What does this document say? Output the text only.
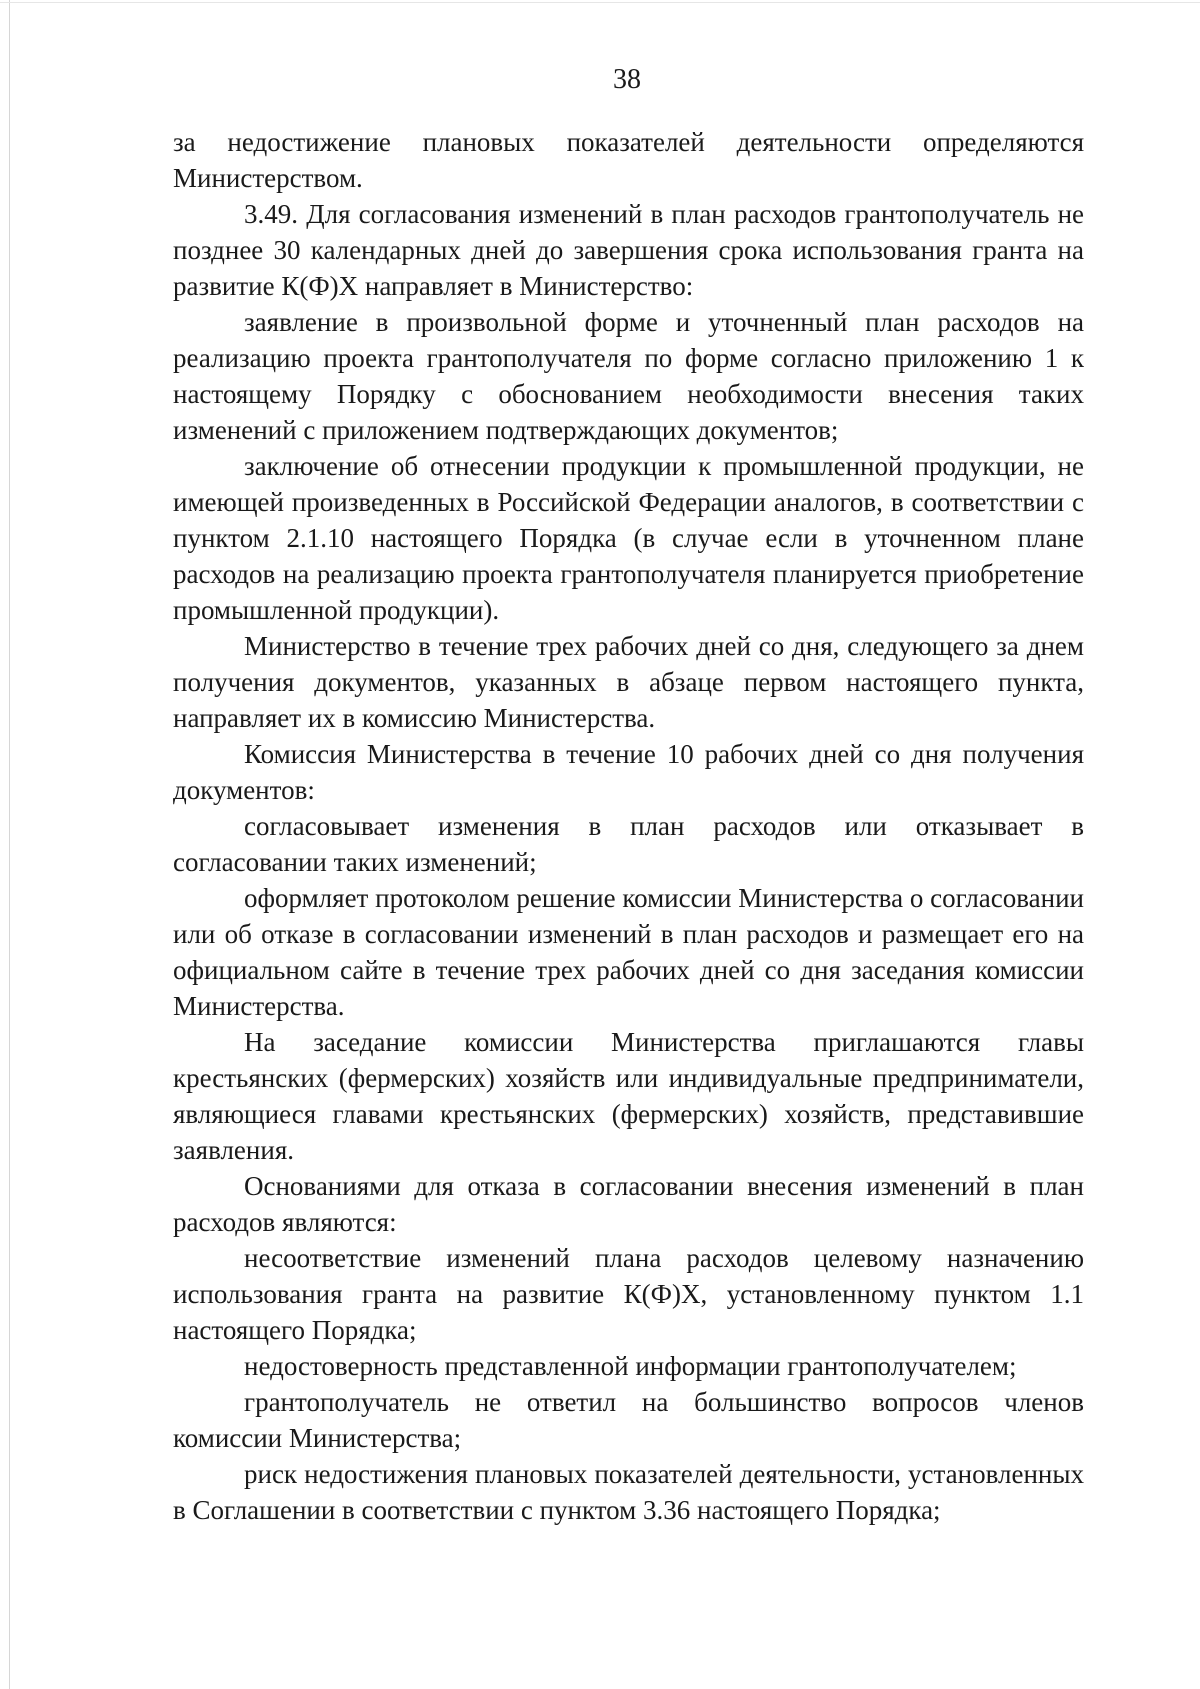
38

за недостижение плановых показателей деятельности определяются Министерством.

3.49. Для согласования изменений в план расходов грантополучатель не позднее 30 календарных дней до завершения срока использования гранта на развитие К(Ф)Х направляет в Министерство:

заявление в произвольной форме и уточненный план расходов на реализацию проекта грантополучателя по форме согласно приложению 1 к настоящему Порядку с обоснованием необходимости внесения таких изменений с приложением подтверждающих документов;

заключение об отнесении продукции к промышленной продукции, не имеющей произведенных в Российской Федерации аналогов, в соответствии с пунктом 2.1.10 настоящего Порядка (в случае если в уточненном плане расходов на реализацию проекта грантополучателя планируется приобретение промышленной продукции).

Министерство в течение трех рабочих дней со дня, следующего за днем получения документов, указанных в абзаце первом настоящего пункта, направляет их в комиссию Министерства.

Комиссия Министерства в течение 10 рабочих дней со дня получения документов:

согласовывает изменения в план расходов или отказывает в согласовании таких изменений;

оформляет протоколом решение комиссии Министерства о согласовании или об отказе в согласовании изменений в план расходов и размещает его на официальном сайте в течение трех рабочих дней со дня заседания комиссии Министерства.

На заседание комиссии Министерства приглашаются главы крестьянских (фермерских) хозяйств или индивидуальные предприниматели, являющиеся главами крестьянских (фермерских) хозяйств, представившие заявления.

Основаниями для отказа в согласовании внесения изменений в план расходов являются:

несоответствие изменений плана расходов целевому назначению использования гранта на развитие К(Ф)Х, установленному пунктом 1.1 настоящего Порядка;

недостоверность представленной информации грантополучателем;

грантополучатель не ответил на большинство вопросов членов комиссии Министерства;

риск недостижения плановых показателей деятельности, установленных в Соглашении в соответствии с пунктом 3.36 настоящего Порядка;
